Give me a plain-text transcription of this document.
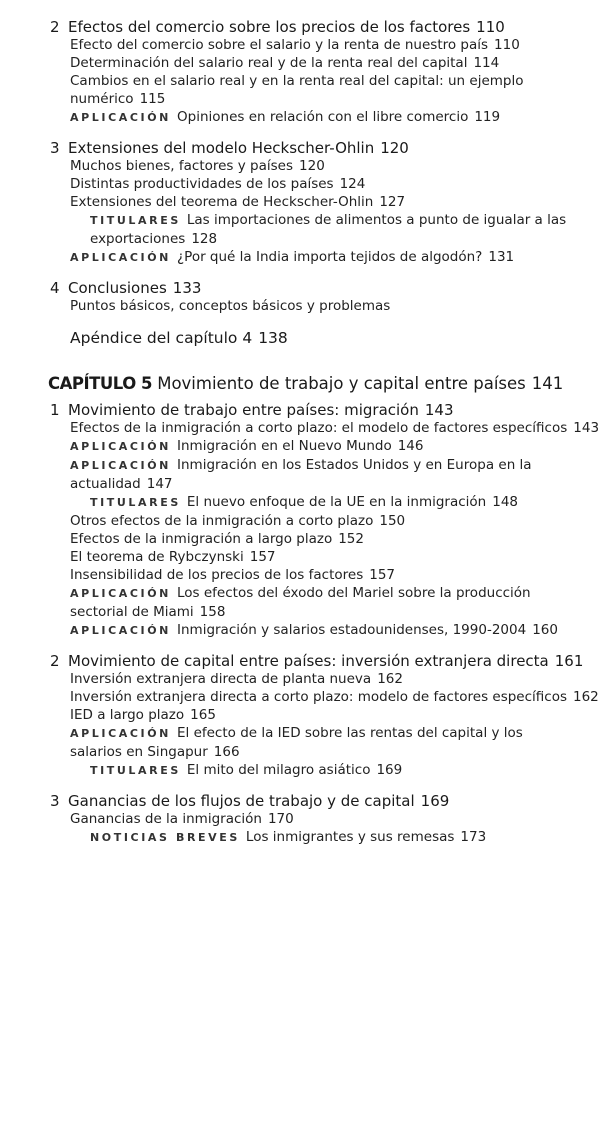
2 Efectos del comercio sobre los precios de los factores 110
Efecto del comercio sobre el salario y la renta de nuestro país 110
Determinación del salario real y de la renta real del capital 114
Cambios en el salario real y en la renta real del capital: un ejemplo numérico 115
APLICACIÓN Opiniones en relación con el libre comercio 119
3 Extensiones del modelo Heckscher-Ohlin 120
Muchos bienes, factores y países 120
Distintas productividades de los países 124
Extensiones del teorema de Heckscher-Ohlin 127
TITULARES Las importaciones de alimentos a punto de igualar a las exportaciones 128
APLICACIÓN ¿Por qué la India importa tejidos de algodón? 131
4 Conclusiones 133
Puntos básicos, conceptos básicos y problemas
Apéndice del capítulo 4 138
CAPÍTULO 5 Movimiento de trabajo y capital entre países 141
1 Movimiento de trabajo entre países: migración 143
Efectos de la inmigración a corto plazo: el modelo de factores específicos 143
APLICACIÓN Inmigración en el Nuevo Mundo 146
APLICACIÓN Inmigración en los Estados Unidos y en Europa en la actualidad 147
TITULARES El nuevo enfoque de la UE en la inmigración 148
Otros efectos de la inmigración a corto plazo 150
Efectos de la inmigración a largo plazo 152
El teorema de Rybczynski 157
Insensibilidad de los precios de los factores 157
APLICACIÓN Los efectos del éxodo del Mariel sobre la producción sectorial de Miami 158
APLICACIÓN Inmigración y salarios estadounidenses, 1990-2004 160
2 Movimiento de capital entre países: inversión extranjera directa 161
Inversión extranjera directa de planta nueva 162
Inversión extranjera directa a corto plazo: modelo de factores específicos 162
IED a largo plazo 165
APLICACIÓN El efecto de la IED sobre las rentas del capital y los salarios en Singapur 166
TITULARES El mito del milagro asiático 169
3 Ganancias de los flujos de trabajo y de capital 169
Ganancias de la inmigración 170
NOTICIAS BREVES Los inmigrantes y sus remesas 173
